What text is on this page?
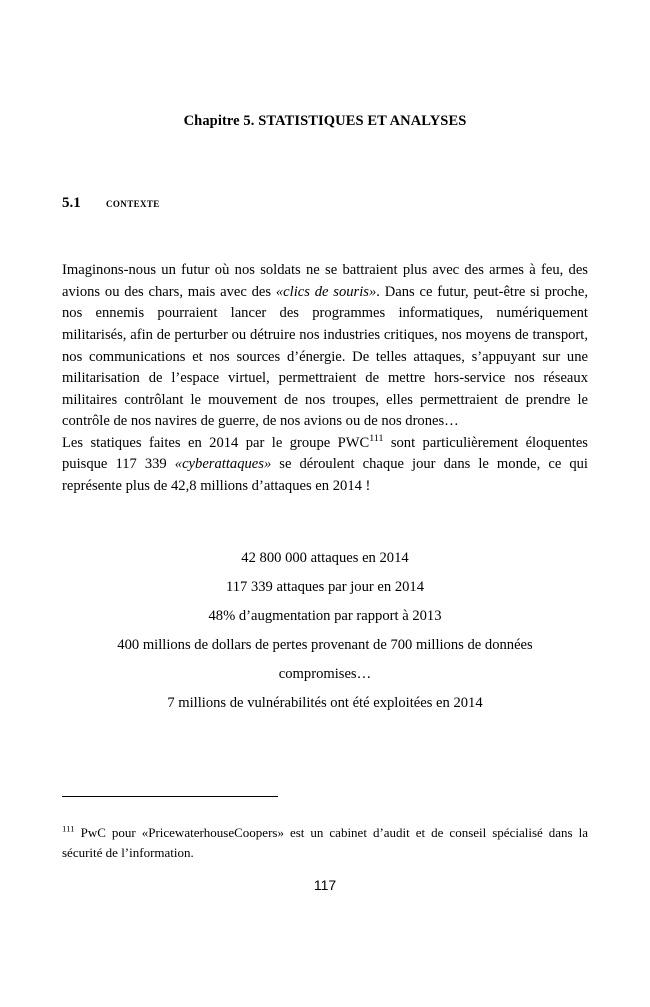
Chapitre 5. STATISTIQUES ET ANALYSES
5.1 contexte

Imaginons-nous un futur où nos soldats ne se battraient plus avec des armes à feu, des avions ou des chars, mais avec des «clics de souris». Dans ce futur, peut-être si proche, nos ennemis pourraient lancer des programmes informatiques, numériquement militarisés, afin de perturber ou détruire nos industries critiques, nos moyens de transport, nos communications et nos sources d’énergie. De telles attaques, s’appuyant sur une militarisation de l’espace virtuel, permettraient de mettre hors-service nos réseaux militaires contrôlant le mouvement de nos troupes, elles permettraient de prendre le contrôle de nos navires de guerre, de nos avions ou de nos drones…

Les statiques faites en 2014 par le groupe PWC$^{111}$ sont particulièrement éloquentes puisque 117 339 «cyberattaques» se déroulent chaque jour dans le monde, ce qui représente plus de 42,8 millions d’attaques en 2014 !

42 800 000 attaques en 2014

117 339 attaques par jour en 2014

48% d’augmentation par rapport à 2013

400 millions de dollars de pertes provenant de 700 millions de données

compromises…

7 millions de vulnérabilités ont été exploitées en 2014

$^{111}$ PwC pour «PricewaterhouseCoopers» est un cabinet d’audit et de conseil spécialisé dans la sécurité de l’information.

117
